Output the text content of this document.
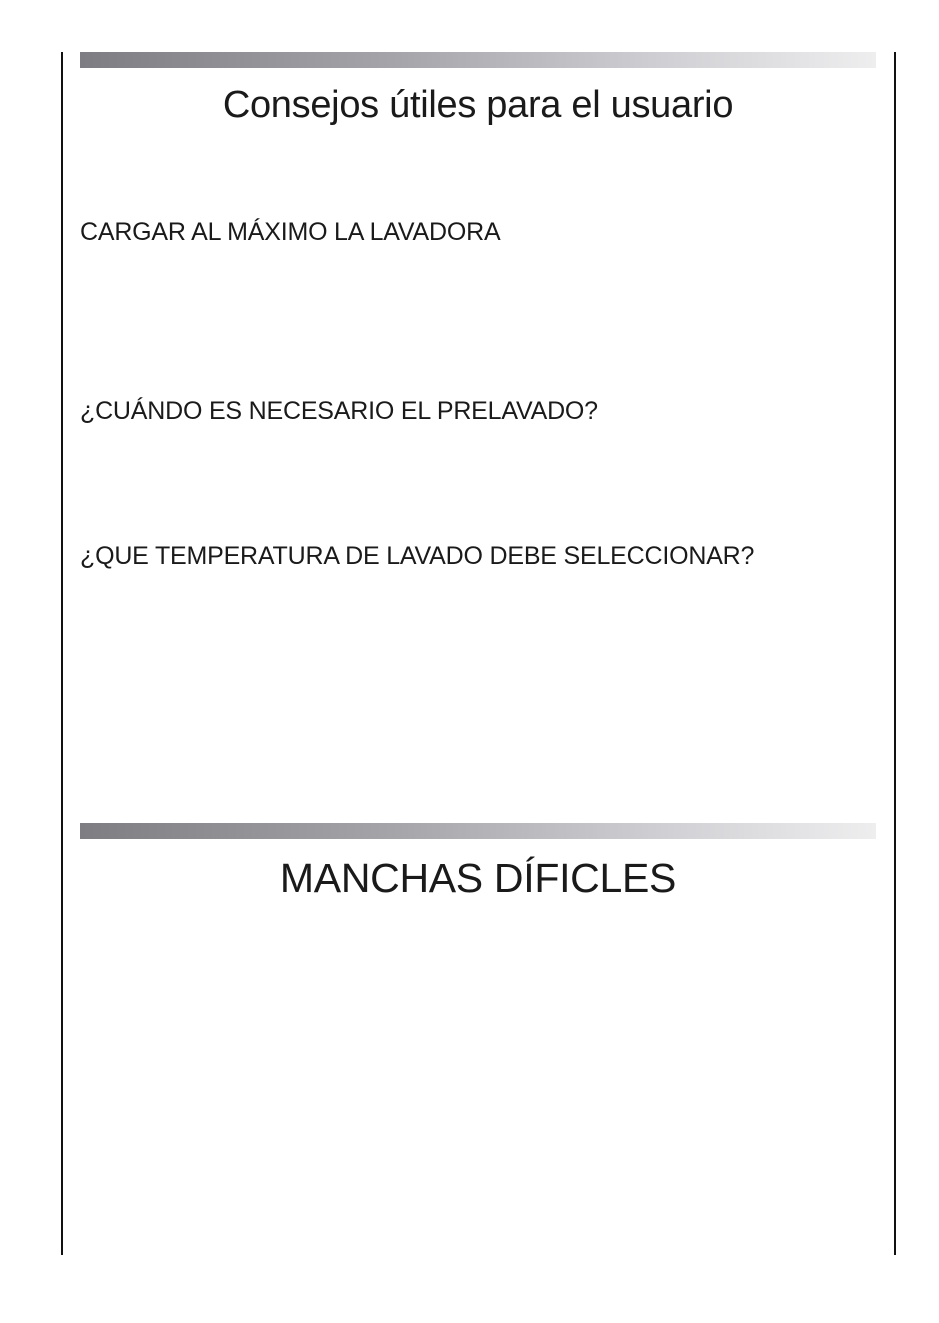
Consejos útiles para el usuario
CARGAR AL MÁXIMO LA LAVADORA
¿CUÁNDO ES NECESARIO EL PRELAVADO?
¿QUE TEMPERATURA DE LAVADO DEBE SELECCIONAR?
MANCHAS DÍFICLES
